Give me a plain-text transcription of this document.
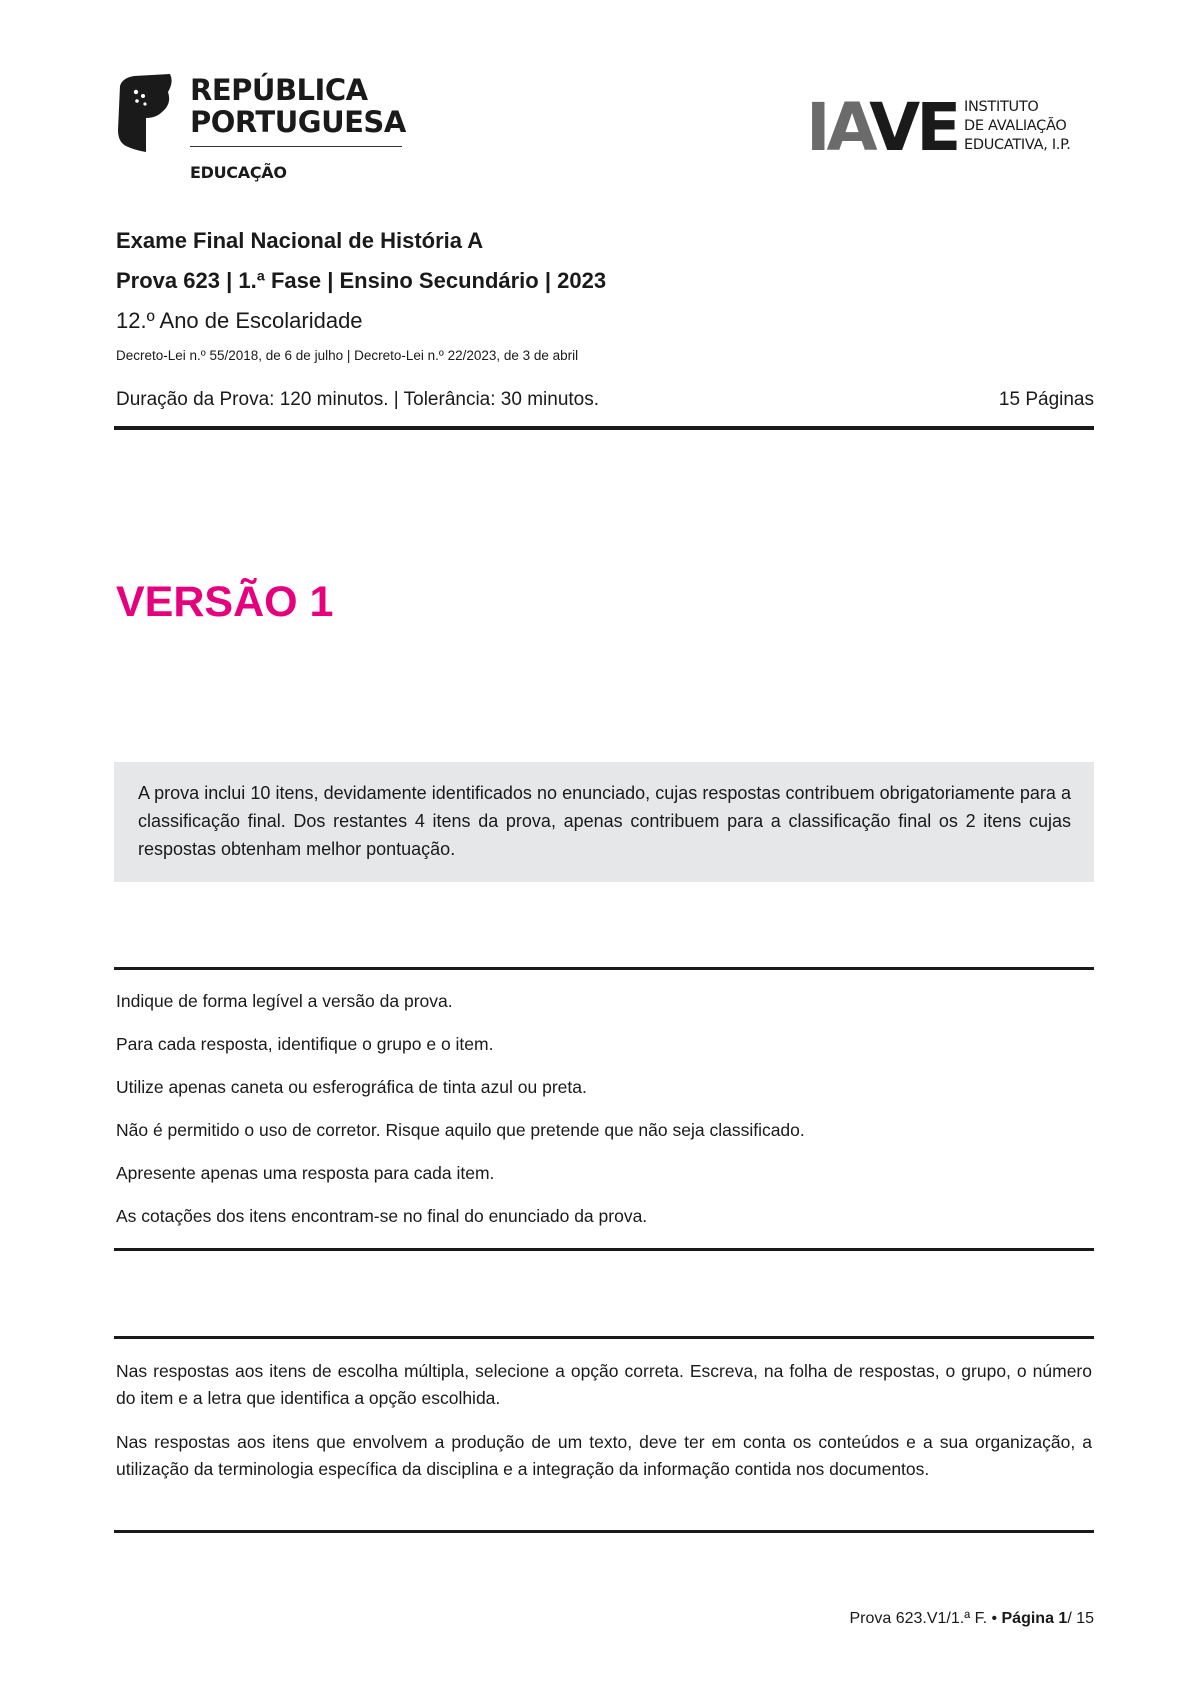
REPÚBLICA
PORTUGUESA
EDUCAÇÃO
IAVE INSTITUTO
DE AVALIAÇÃO
EDUCATIVA, I.P.
Exame Final Nacional de História A
Prova 623 | 1.ª Fase | Ensino Secundário | 2023
12.º Ano de Escolaridade
Decreto-Lei n.º 55/2018, de 6 de julho | Decreto-Lei n.º 22/2023, de 3 de abril
Duração da Prova: 120 minutos. | Tolerância: 30 minutos.	15 Páginas
VERSÃO 1

A prova inclui 10 itens, devidamente identificados no enunciado, cujas respostas contribuem obrigatoriamente para a classificação final. Dos restantes 4 itens da prova, apenas contribuem para a classificação final os 2 itens cujas respostas obtenham melhor pontuação.

Indique de forma legível a versão da prova.

Para cada resposta, identifique o grupo e o item.

Utilize apenas caneta ou esferográfica de tinta azul ou preta.

Não é permitido o uso de corretor. Risque aquilo que pretende que não seja classificado.

Apresente apenas uma resposta para cada item.

As cotações dos itens encontram-se no final do enunciado da prova.

Nas respostas aos itens de escolha múltipla, selecione a opção correta. Escreva, na folha de respostas, o grupo, o número do item e a letra que identifica a opção escolhida.

Nas respostas aos itens que envolvem a produção de um texto, deve ter em conta os conteúdos e a sua organização, a utilização da terminologia específica da disciplina e a integração da informação contida nos documentos.

Prova 623.V1/1.ª F. • Página 1/ 15
